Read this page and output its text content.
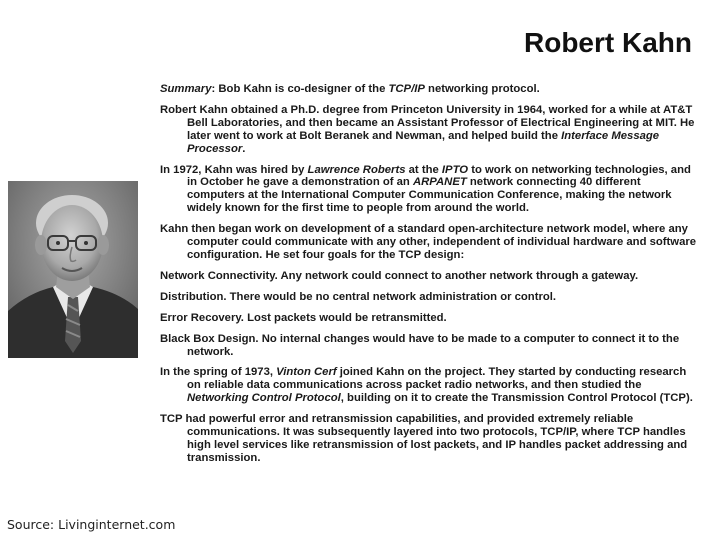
Robert Kahn

Summary: Bob Kahn is co-designer of the TCP/IP networking protocol.

Robert Kahn obtained a Ph.D. degree from Princeton University in 1964, worked for a while at AT&T Bell Laboratories, and then became an Assistant Professor of Electrical Engineering at MIT. He later went to work at Bolt Beranek and Newman, and helped build the Interface Message Processor.

In 1972, Kahn was hired by Lawrence Roberts at the IPTO to work on networking technologies, and in October he gave a demonstration of an ARPANET network connecting 40 different computers at the International Computer Communication Conference, making the network widely known for the first time to people from around the world.

Kahn then began work on development of a standard open-architecture network model, where any computer could communicate with any other, independent of individual hardware and software configuration. He set four goals for the TCP design:

Network Connectivity. Any network could connect to another network through a gateway.

Distribution. There would be no central network administration or control.

Error Recovery. Lost packets would be retransmitted.

Black Box Design. No internal changes would have to be made to a computer to connect it to the network.

In the spring of 1973, Vinton Cerf joined Kahn on the project. They started by conducting research on reliable data communications across packet radio networks, and then studied the Networking Control Protocol, building on it to create the Transmission Control Protocol (TCP).

TCP had powerful error and retransmission capabilities, and provided extremely reliable communications. It was subsequently layered into two protocols, TCP/IP, where TCP handles high level services like retransmission of lost packets, and IP handles packet addressing and transmission.

Source: Livinginternet.com
